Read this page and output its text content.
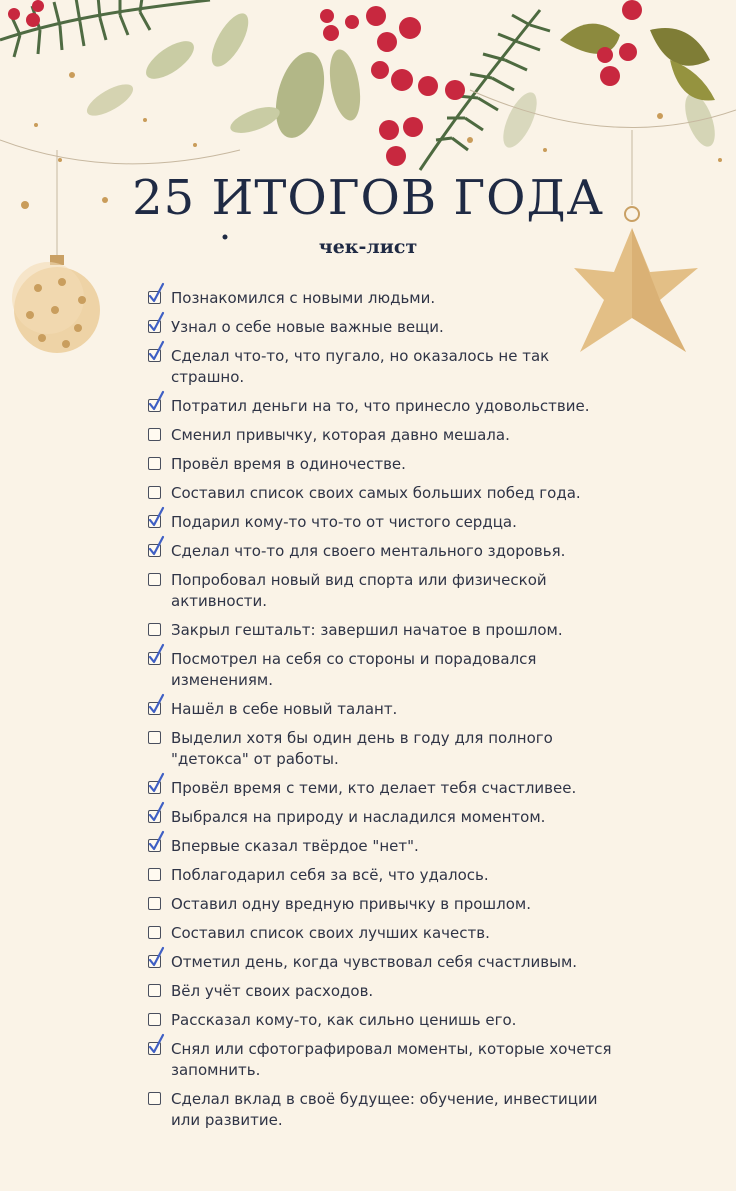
25 ИТОГОВ ГОДА
чек-лист
Познакомился с новыми людьми.
Узнал о себе новые важные вещи.
Сделал что-то, что пугало, но оказалось не так страшно.
Потратил деньги на то, что принесло удовольствие.
Сменил привычку, которая давно мешала.
Провёл время в одиночестве.
Составил список своих самых больших побед года.
Подарил кому-то что-то от чистого сердца.
Сделал что-то для своего ментального здоровья.
Попробовал новый вид спорта или физической активности.
Закрыл гештальт: завершил начатое в прошлом.
Посмотрел на себя со стороны и порадовался изменениям.
Нашёл в себе новый талант.
Выделил хотя бы один день в году для полного "детокса" от работы.
Провёл время с теми, кто делает тебя счастливее.
Выбрался на природу и насладился моментом.
Впервые сказал твёрдое "нет".
Поблагодарил себя за всё, что удалось.
Оставил одну вредную привычку в прошлом.
Составил список своих лучших качеств.
Отметил день, когда чувствовал себя счастливым.
Вёл учёт своих расходов.
Рассказал кому-то, как сильно ценишь его.
Снял или сфотографировал моменты, которые хочется запомнить.
Сделал вклад в своё будущее: обучение, инвестиции или развитие.
